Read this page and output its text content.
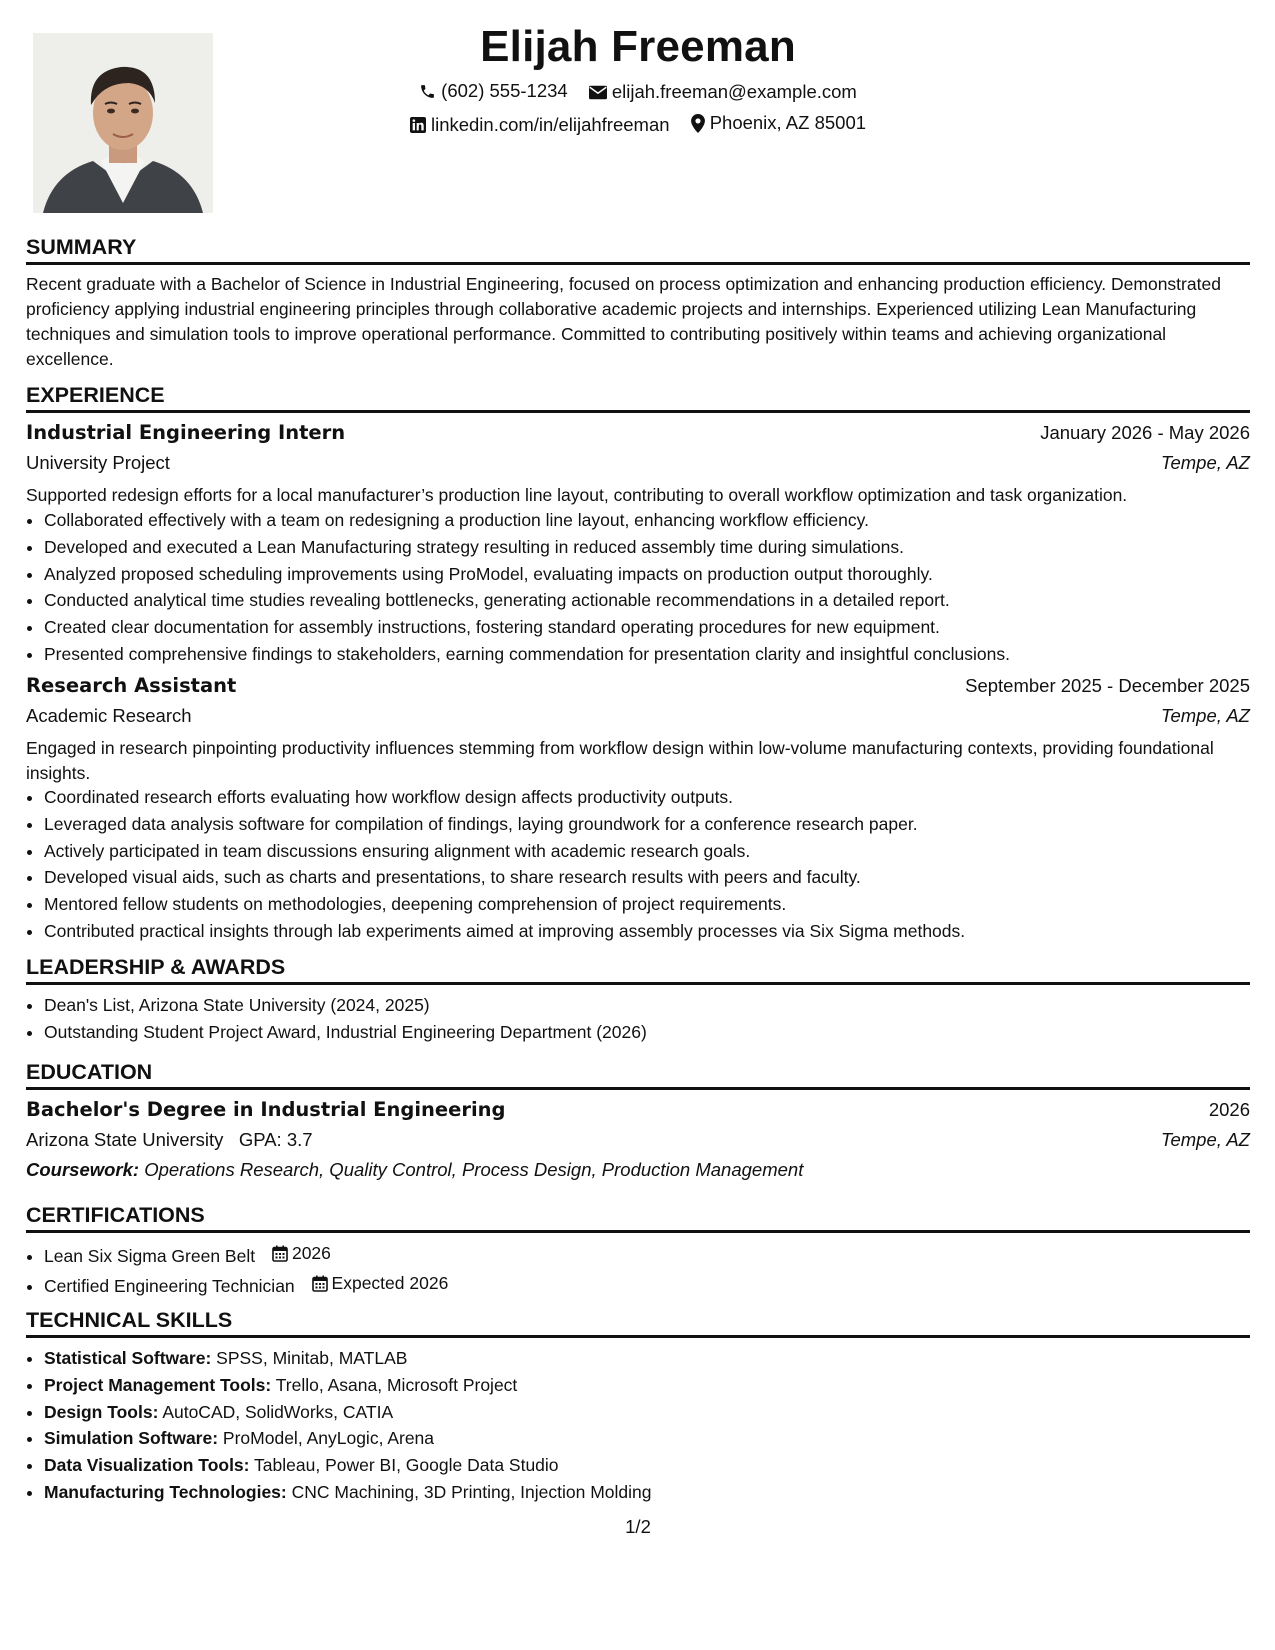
Elijah Freeman
(602) 555-1234
elijah.freeman@example.com
linkedin.com/in/elijahfreeman
Phoenix, AZ 85001
SUMMARY
Recent graduate with a Bachelor of Science in Industrial Engineering, focused on process optimization and enhancing production efficiency. Demonstrated proficiency applying industrial engineering principles through collaborative academic projects and internships. Experienced utilizing Lean Manufacturing techniques and simulation tools to improve operational performance. Committed to contributing positively within teams and achieving organizational excellence.
EXPERIENCE
Industrial Engineering Intern	January 2026 - May 2026
University Project	Tempe, AZ
Supported redesign efforts for a local manufacturer’s production line layout, contributing to overall workflow optimization and task organization.
• Collaborated effectively with a team on redesigning a production line layout, enhancing workflow efficiency.
• Developed and executed a Lean Manufacturing strategy resulting in reduced assembly time during simulations.
• Analyzed proposed scheduling improvements using ProModel, evaluating impacts on production output thoroughly.
• Conducted analytical time studies revealing bottlenecks, generating actionable recommendations in a detailed report.
• Created clear documentation for assembly instructions, fostering standard operating procedures for new equipment.
• Presented comprehensive findings to stakeholders, earning commendation for presentation clarity and insightful conclusions.
Research Assistant	September 2025 - December 2025
Academic Research	Tempe, AZ
Engaged in research pinpointing productivity influences stemming from workflow design within low-volume manufacturing contexts, providing foundational insights.
• Coordinated research efforts evaluating how workflow design affects productivity outputs.
• Leveraged data analysis software for compilation of findings, laying groundwork for a conference research paper.
• Actively participated in team discussions ensuring alignment with academic research goals.
• Developed visual aids, such as charts and presentations, to share research results with peers and faculty.
• Mentored fellow students on methodologies, deepening comprehension of project requirements.
• Contributed practical insights through lab experiments aimed at improving assembly processes via Six Sigma methods.
LEADERSHIP & AWARDS
• Dean's List, Arizona State University (2024, 2025)
• Outstanding Student Project Award, Industrial Engineering Department (2026)
EDUCATION
Bachelor's Degree in Industrial Engineering	2026
Arizona State University GPA: 3.7	Tempe, AZ
Coursework: Operations Research, Quality Control, Process Design, Production Management
CERTIFICATIONS
• Lean Six Sigma Green Belt 2026
• Certified Engineering Technician Expected 2026
TECHNICAL SKILLS
• Statistical Software: SPSS, Minitab, MATLAB
• Project Management Tools: Trello, Asana, Microsoft Project
• Design Tools: AutoCAD, SolidWorks, CATIA
• Simulation Software: ProModel, AnyLogic, Arena
• Data Visualization Tools: Tableau, Power BI, Google Data Studio
• Manufacturing Technologies: CNC Machining, 3D Printing, Injection Molding
1/2
